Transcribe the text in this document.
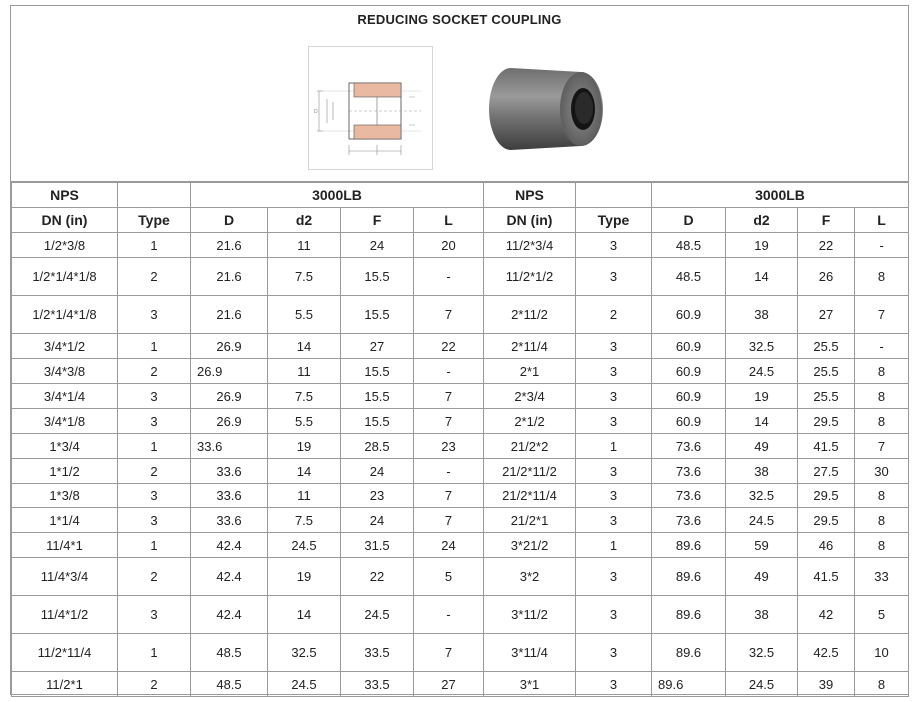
REDUCING SOCKET COUPLING
D
NPS		3000LB				NPS		3000LB			
DN (in)	Type	D	d2	F	L	DN (in)	Type	D	d2	F	L
1/2*3/8	1	21.6	11	24	20	11/2*3/4	3	48.5	19	22	-
1/2*1/4*1/8	2	21.6	7.5	15.5	-	11/2*1/2	3	48.5	14	26	8
1/2*1/4*1/8	3	21.6	5.5	15.5	7	2*11/2	2	60.9	38	27	7
3/4*1/2	1	26.9	14	27	22	2*11/4	3	60.9	32.5	25.5	-
3/4*3/8	2	26.9	11	15.5	-	2*1	3	60.9	24.5	25.5	8
3/4*1/4	3	26.9	7.5	15.5	7	2*3/4	3	60.9	19	25.5	8
3/4*1/8	3	26.9	5.5	15.5	7	2*1/2	3	60.9	14	29.5	8
1*3/4	1	33.6	19	28.5	23	21/2*2	1	73.6	49	41.5	7
1*1/2	2	33.6	14	24	-	21/2*11/2	3	73.6	38	27.5	30
1*3/8	3	33.6	11	23	7	21/2*11/4	3	73.6	32.5	29.5	8
1*1/4	3	33.6	7.5	24	7	21/2*1	3	73.6	24.5	29.5	8
11/4*1	1	42.4	24.5	31.5	24	3*21/2	1	89.6	59	46	8
11/4*3/4	2	42.4	19	22	5	3*2	3	89.6	49	41.5	33
11/4*1/2	3	42.4	14	24.5	-	3*11/2	3	89.6	38	42	5
11/2*11/4	1	48.5	32.5	33.5	7	3*11/4	3	89.6	32.5	42.5	10
11/2*1	2	48.5	24.5	33.5	27	3*1	3	89.6	24.5	39	8
